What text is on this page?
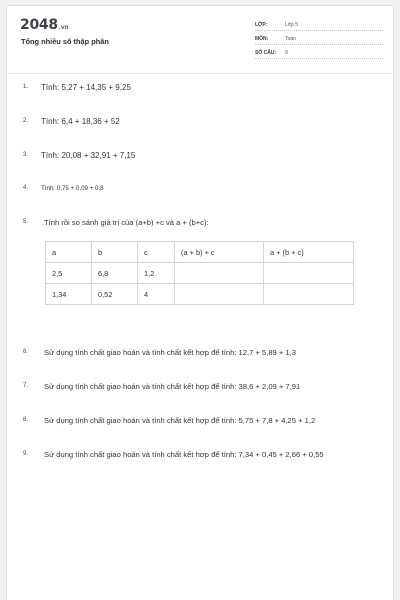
2048.vn
Tổng nhiều số thập phân
LỚP:	Lớp 5
MÔN:	Toán
SỐ CÂU: 9
1. Tính: 5,27 + 14,35 + 9,25
2. Tính: 6,4 + 18,36 + 52
3. Tính: 20,08 + 32,91 + 7,15
4. Tính: 0,75 + 0,09 + 0,8
5. Tính rồi so sánh giá trị của (a+b) +c và a + (b+c):
a	b	c	(a + b) + c	a + (b + c)
2,5	6,8	1,2		
1,34	0,52	4		
6. Sử dụng tính chất giao hoán và tính chất kết hợp để tính: 12,7 + 5,89 + 1,3
7. Sử dụng tính chất giao hoán và tính chất kết hợp để tính: 38,6 + 2,09 + 7,91
8. Sử dụng tính chất giao hoán và tính chất kết hợp để tính: 5,75 + 7,8 + 4,25 + 1,2
9. Sử dụng tính chất giao hoán và tính chất kết hợp để tính: 7,34 + 0,45 + 2,66 + 0,55
